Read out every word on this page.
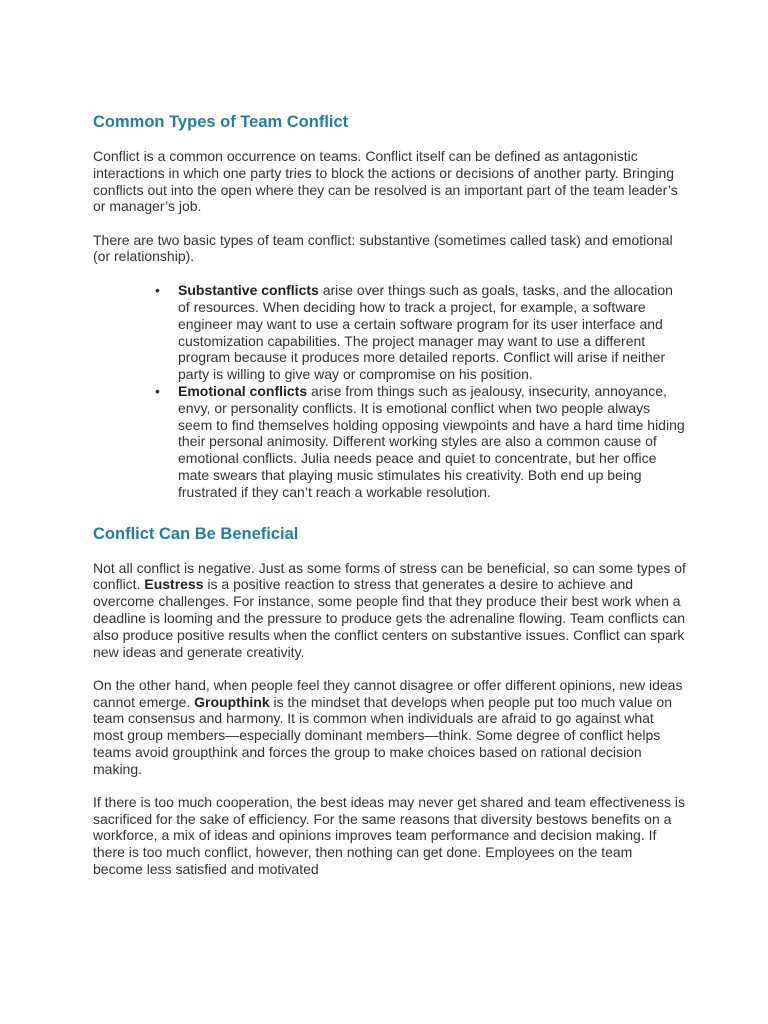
Common Types of Team Conflict

Conflict is a common occurrence on teams. Conflict itself can be defined as antagonistic interactions in which one party tries to block the actions or decisions of another party. Bringing conflicts out into the open where they can be resolved is an important part of the team leader’s or manager’s job.

There are two basic types of team conflict: substantive (sometimes called task) and emotional (or relationship).

• Substantive conflicts arise over things such as goals, tasks, and the allocation of resources. When deciding how to track a project, for example, a software engineer may want to use a certain software program for its user interface and customization capabilities. The project manager may want to use a different program because it produces more detailed reports. Conflict will arise if neither party is willing to give way or compromise on his position.
• Emotional conflicts arise from things such as jealousy, insecurity, annoyance, envy, or personality conflicts. It is emotional conflict when two people always seem to find themselves holding opposing viewpoints and have a hard time hiding their personal animosity. Different working styles are also a common cause of emotional conflicts. Julia needs peace and quiet to concentrate, but her office mate swears that playing music stimulates his creativity. Both end up being frustrated if they can’t reach a workable resolution.
Conflict Can Be Beneficial

Not all conflict is negative. Just as some forms of stress can be beneficial, so can some types of conflict. Eustress is a positive reaction to stress that generates a desire to achieve and overcome challenges. For instance, some people find that they produce their best work when a deadline is looming and the pressure to produce gets the adrenaline flowing. Team conflicts can also produce positive results when the conflict centers on substantive issues. Conflict can spark new ideas and generate creativity.

On the other hand, when people feel they cannot disagree or offer different opinions, new ideas cannot emerge. Groupthink is the mindset that develops when people put too much value on team consensus and harmony. It is common when individuals are afraid to go against what most group members—especially dominant members—think. Some degree of conflict helps teams avoid groupthink and forces the group to make choices based on rational decision making.

If there is too much cooperation, the best ideas may never get shared and team effectiveness is sacrificed for the sake of efficiency. For the same reasons that diversity bestows benefits on a workforce, a mix of ideas and opinions improves team performance and decision making. If there is too much conflict, however, then nothing can get done. Employees on the team become less satisfied and motivated
